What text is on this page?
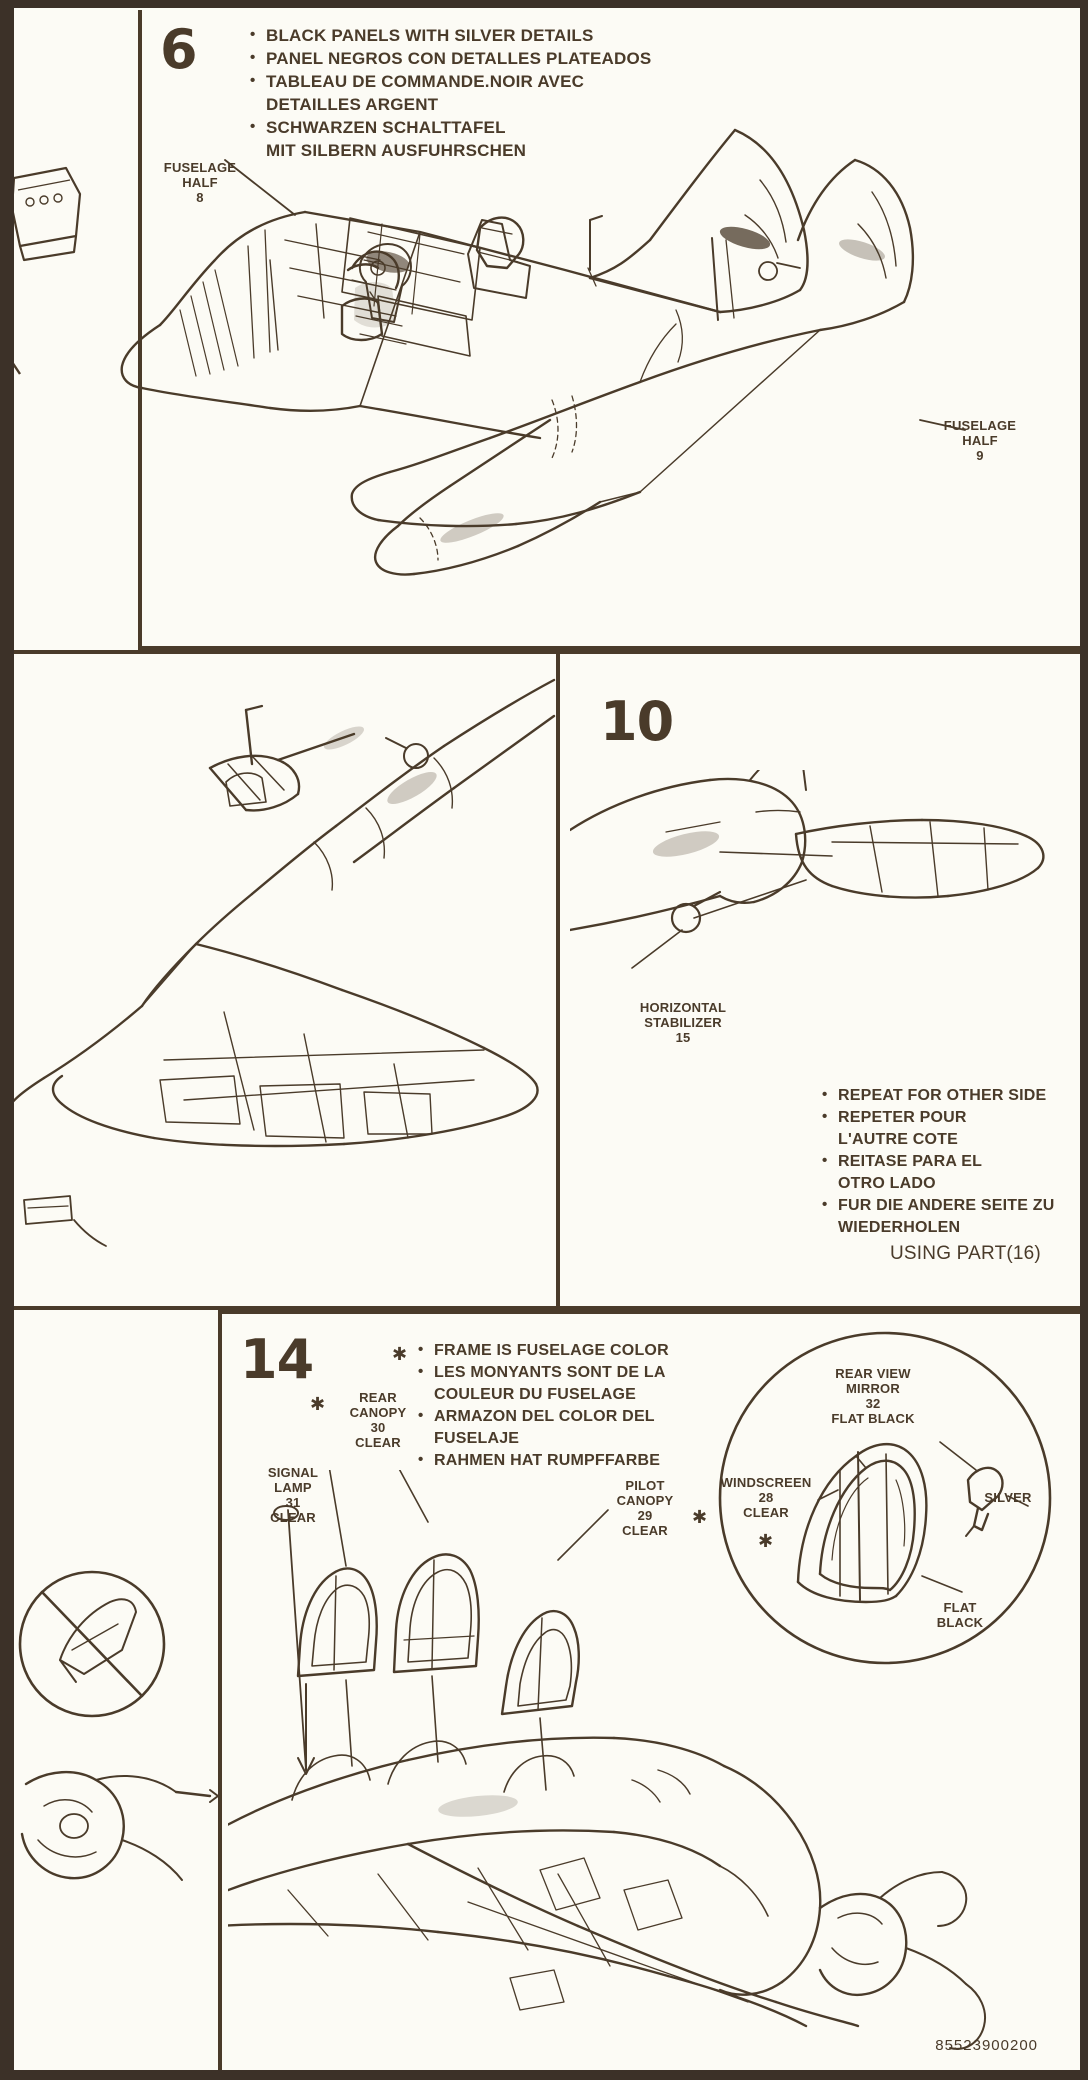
6	• BLACK PANELS WITH SILVER DETAILS
• PANEL NEGROS CON DETALLES PLATEADOS
• TABLEAU DE COMMANDE.NOIR AVEC
DETAILLES ARGENT
• SCHWARZEN SCHALTTAFEL
MIT SILBERN AUSFUHRSCHEN
FUSELAGE
HALF
8
FUSELAGE
HALF
9
10
HORIZONTAL
STABILIZER
15
• REPEAT FOR OTHER SIDE
• REPETER POUR
L'AUTRE COTE
• REITASE PARA EL
OTRO LADO
• FUR DIE ANDERE SEITE ZU
WIEDERHOLEN
USING PART(16)
14	✱	• FRAME IS FUSELAGE COLOR
• LES MONYANTS SONT DE LA
COULEUR DU FUSELAGE
• ARMAZON DEL COLOR DEL
FUSELAJE
• RAHMEN HAT RUMPFFARBE
✱	REAR
CANOPY
30
CLEAR
SIGNAL
LAMP
31
CLEAR
PILOT
CANOPY
29
CLEAR
✱
REAR VIEW
MIRROR
32
FLAT BLACK
SILVER
WINDSCREEN
28
CLEAR
✱
FLAT
BLACK
85523900200
